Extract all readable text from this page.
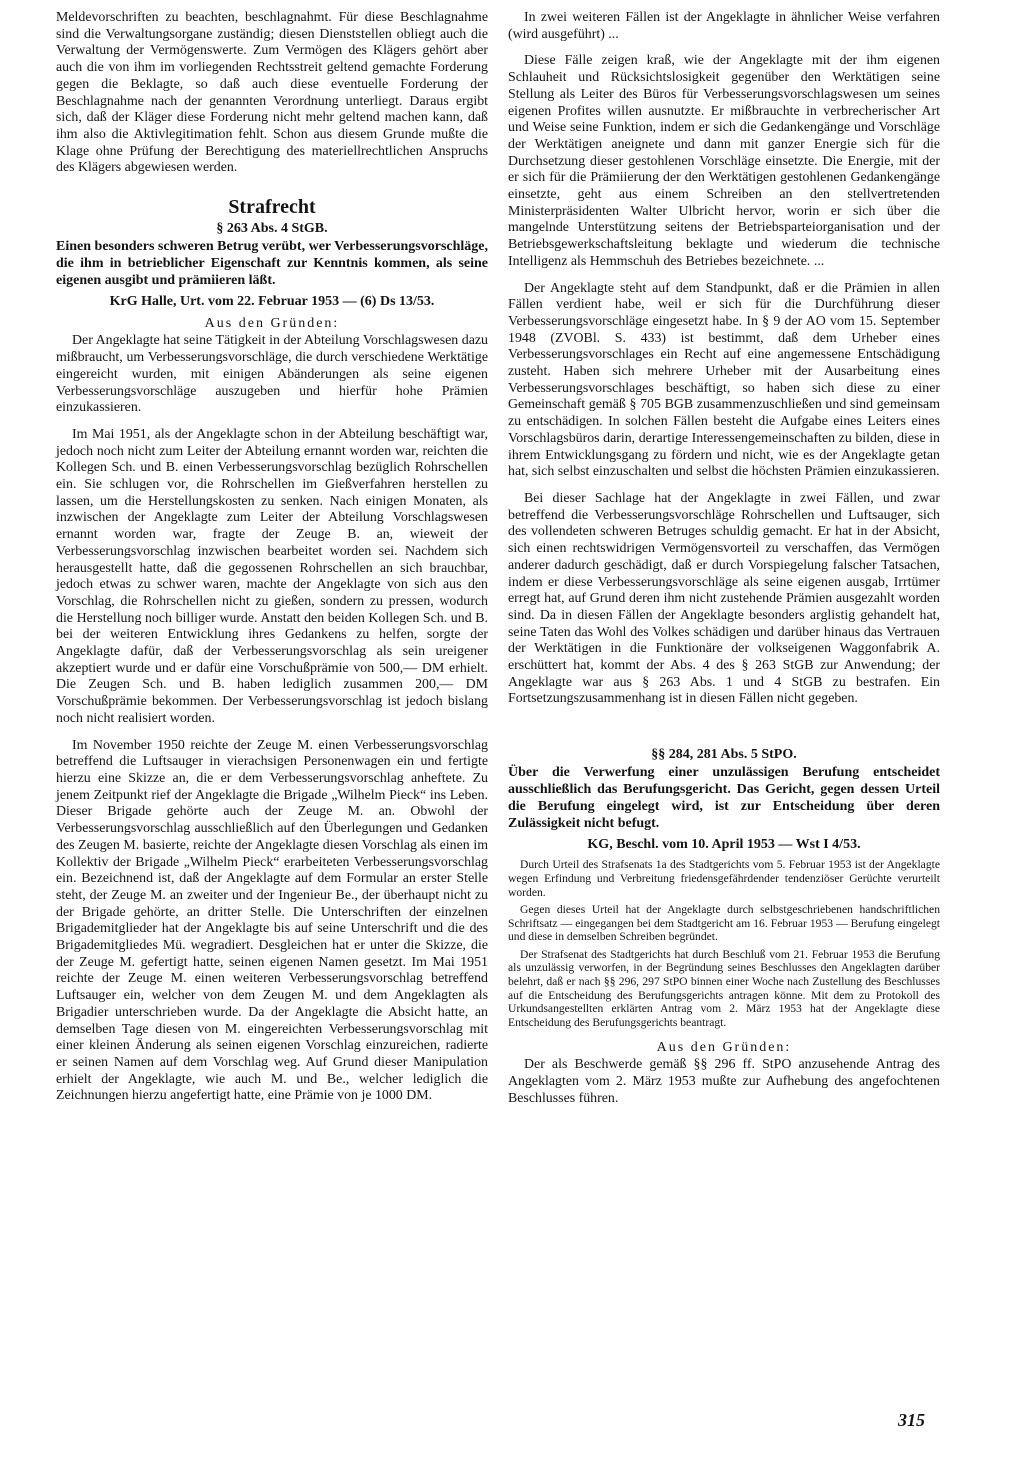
Meldevorschriften zu beachten, beschlagnahmt. Für diese Beschlagnahme sind die Verwaltungsorgane zuständig; diesen Dienststellen obliegt auch die Verwaltung der Vermögenswerte. Zum Vermögen des Klägers gehört aber auch die von ihm im vorliegenden Rechtsstreit geltend gemachte Forderung gegen die Beklagte, so daß auch diese eventuelle Forderung der Beschlagnahme nach der genannten Verordnung unterliegt. Daraus ergibt sich, daß der Kläger diese Forderung nicht mehr geltend machen kann, daß ihm also die Aktivlegitimation fehlt. Schon aus diesem Grunde mußte die Klage ohne Prüfung der Berechtigung des materiellrechtlichen Anspruchs des Klägers abgewiesen werden.

Strafrecht
§ 263 Abs. 4 StGB.
Einen besonders schweren Betrug verübt, wer Verbesserungsvorschläge, die ihm in betrieblicher Eigenschaft zur Kenntnis kommen, als seine eigenen ausgibt und prämiieren läßt.
KrG Halle, Urt. vom 22. Februar 1953 — (6) Ds 13/53.
Aus den Gründen:

Der Angeklagte hat seine Tätigkeit in der Abteilung Vorschlagswesen dazu mißbraucht, um Verbesserungsvorschläge, die durch verschiedene Werktätige eingereicht wurden, mit einigen Abänderungen als seine eigenen Verbesserungsvorschläge auszugeben und hierfür hohe Prämien einzukassieren.

Im Mai 1951, als der Angeklagte schon in der Abteilung beschäftigt war, jedoch noch nicht zum Leiter der Abteilung ernannt worden war, reichten die Kollegen Sch. und B. einen Verbesserungsvorschlag bezüglich Rohrschellen ein. Sie schlugen vor, die Rohrschellen im Gießverfahren herstellen zu lassen, um die Herstellungskosten zu senken. Nach einigen Monaten, als inzwischen der Angeklagte zum Leiter der Abteilung Vorschlagswesen ernannt worden war, fragte der Zeuge B. an, wieweit der Verbesserungsvorschlag inzwischen bearbeitet worden sei. Nachdem sich herausgestellt hatte, daß die gegossenen Rohrschellen an sich brauchbar, jedoch etwas zu schwer waren, machte der Angeklagte von sich aus den Vorschlag, die Rohrschellen nicht zu gießen, sondern zu pressen, wodurch die Herstellung noch billiger wurde. Anstatt den beiden Kollegen Sch. und B. bei der weiteren Entwicklung ihres Gedankens zu helfen, sorgte der Angeklagte dafür, daß der Verbesserungsvorschlag als sein ureigener akzeptiert wurde und er dafür eine Vorschußprämie von 500,— DM erhielt. Die Zeugen Sch. und B. haben lediglich zusammen 200,— DM Vorschußprämie bekommen. Der Verbesserungsvorschlag ist jedoch bislang noch nicht realisiert worden.

Im November 1950 reichte der Zeuge M. einen Verbesserungsvorschlag betreffend die Luftsauger in vierachsigen Personenwagen ein und fertigte hierzu eine Skizze an, die er dem Verbesserungsvorschlag anheftete. Zu jenem Zeitpunkt rief der Angeklagte die Brigade „Wilhelm Pieck“ ins Leben. Dieser Brigade gehörte auch der Zeuge M. an. Obwohl der Verbesserungsvorschlag ausschließlich auf den Überlegungen und Gedanken des Zeugen M. basierte, reichte der Angeklagte diesen Vorschlag als einen im Kollektiv der Brigade „Wilhelm Pieck“ erarbeiteten Verbesserungsvorschlag ein. Bezeichnend ist, daß der Angeklagte auf dem Formular an erster Stelle steht, der Zeuge M. an zweiter und der Ingenieur Be., der überhaupt nicht zu der Brigade gehörte, an dritter Stelle. Die Unterschriften der einzelnen Brigademitglieder hat der Angeklagte bis auf seine Unterschrift und die des Brigademitgliedes Mü. wegradiert. Desgleichen hat er unter die Skizze, die der Zeuge M. gefertigt hatte, seinen eigenen Namen gesetzt. Im Mai 1951 reichte der Zeuge M. einen weiteren Verbesserungsvorschlag betreffend Luftsauger ein, welcher von dem Zeugen M. und dem Angeklagten als Brigadier unterschrieben wurde. Da der Angeklagte die Absicht hatte, an demselben Tage diesen von M. eingereichten Verbesserungsvorschlag mit einer kleinen Änderung als seinen eigenen Vorschlag einzureichen, radierte er seinen Namen auf dem Vorschlag weg. Auf Grund dieser Manipulation erhielt der Angeklagte, wie auch M. und Be., welcher lediglich die Zeichnungen hierzu angefertigt hatte, eine Prämie von je 1000 DM.

In zwei weiteren Fällen ist der Angeklagte in ähnlicher Weise verfahren (wird ausgeführt) ...

Diese Fälle zeigen kraß, wie der Angeklagte mit der ihm eigenen Schlauheit und Rücksichtslosigkeit gegenüber den Werktätigen seine Stellung als Leiter des Büros für Verbesserungsvorschlagswesen um seines eigenen Profites willen ausnutzte. Er mißbrauchte in verbrecherischer Art und Weise seine Funktion, indem er sich die Gedankengänge und Vorschläge der Werktätigen aneignete und dann mit ganzer Energie sich für die Durchsetzung dieser gestohlenen Vorschläge einsetzte. Die Energie, mit der er sich für die Prämiierung der den Werktätigen gestohlenen Gedankengänge einsetzte, geht aus einem Schreiben an den stellvertretenden Ministerpräsidenten Walter Ulbricht hervor, worin er sich über die mangelnde Unterstützung seitens der Betriebsparteiorganisation und der Betriebsgewerkschaftsleitung beklagte und wiederum die technische Intelligenz als Hemmschuh des Betriebes bezeichnete. ...

Der Angeklagte steht auf dem Standpunkt, daß er die Prämien in allen Fällen verdient habe, weil er sich für die Durchführung dieser Verbesserungsvorschläge eingesetzt habe. In § 9 der AO vom 15. September 1948 (ZVOBl. S. 433) ist bestimmt, daß dem Urheber eines Verbesserungsvorschlages ein Recht auf eine angemessene Entschädigung zusteht. Haben sich mehrere Urheber mit der Ausarbeitung eines Verbesserungsvorschlages beschäftigt, so haben sich diese zu einer Gemeinschaft gemäß § 705 BGB zusammenzuschließen und sind gemeinsam zu entschädigen. In solchen Fällen besteht die Aufgabe eines Leiters eines Vorschlagsbüros darin, derartige Interessengemeinschaften zu bilden, diese in ihrem Entwicklungsgang zu fördern und nicht, wie es der Angeklagte getan hat, sich selbst einzuschalten und selbst die höchsten Prämien einzukassieren.

Bei dieser Sachlage hat der Angeklagte in zwei Fällen, und zwar betreffend die Verbesserungsvorschläge Rohrschellen und Luftsauger, sich des vollendeten schweren Betruges schuldig gemacht. Er hat in der Absicht, sich einen rechtswidrigen Vermögensvorteil zu verschaffen, das Vermögen anderer dadurch geschädigt, daß er durch Vorspiegelung falscher Tatsachen, indem er diese Verbesserungsvorschläge als seine eigenen ausgab, Irrtümer erregt hat, auf Grund deren ihm nicht zustehende Prämien ausgezahlt worden sind. Da in diesen Fällen der Angeklagte besonders arglistig gehandelt hat, seine Taten das Wohl des Volkes schädigen und darüber hinaus das Vertrauen der Werktätigen in die Funktionäre der volkseigenen Waggonfabrik A. erschüttert hat, kommt der Abs. 4 des § 263 StGB zur Anwendung; der Angeklagte war aus § 263 Abs. 1 und 4 StGB zu bestrafen. Ein Fortsetzungszusammenhang ist in diesen Fällen nicht gegeben.

§§ 284, 281 Abs. 5 StPO.
Über die Verwerfung einer unzulässigen Berufung entscheidet ausschließlich das Berufungsgericht. Das Gericht, gegen dessen Urteil die Berufung eingelegt wird, ist zur Entscheidung über deren Zulässigkeit nicht befugt.
KG, Beschl. vom 10. April 1953 — Wst I 4/53.

Durch Urteil des Strafsenats 1a des Stadtgerichts vom 5. Februar 1953 ist der Angeklagte wegen Erfindung und Verbreitung friedensgefährdender tendenziöser Gerüchte verurteilt worden.

Gegen dieses Urteil hat der Angeklagte durch selbstgeschriebenen handschriftlichen Schriftsatz — eingegangen bei dem Stadtgericht am 16. Februar 1953 — Berufung eingelegt und diese in demselben Schreiben begründet.

Der Strafsenat des Stadtgerichts hat durch Beschluß vom 21. Februar 1953 die Berufung als unzulässig verworfen, in der Begründung seines Beschlusses den Angeklagten darüber belehrt, daß er nach §§ 296, 297 StPO binnen einer Woche nach Zustellung des Beschlusses auf die Entscheidung des Berufungsgerichts antragen könne. Mit dem zu Protokoll des Urkundsangestellten erklärten Antrag vom 2. März 1953 hat der Angeklagte diese Entscheidung des Berufungsgerichts beantragt.

Aus den Gründen:

Der als Beschwerde gemäß §§ 296 ff. StPO anzusehende Antrag des Angeklagten vom 2. März 1953 mußte zur Aufhebung des angefochtenen Beschlusses führen.

315
